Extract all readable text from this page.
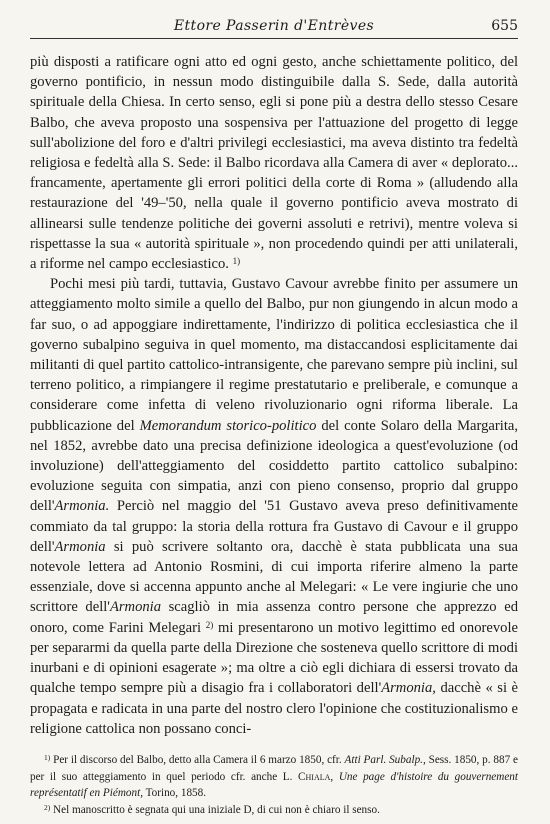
Ettore Passerin d'Entrèves	655

più disposti a ratificare ogni atto ed ogni gesto, anche schiettamente politico, del governo pontificio, in nessun modo distinguibile dalla S. Sede, dalla autorità spirituale della Chiesa. In certo senso, egli si pone più a destra dello stesso Cesare Balbo, che aveva proposto una sospensiva per l'attuazione del progetto di legge sull'abolizione del foro e d'altri privilegi ecclesiastici, ma aveva distinto tra fedeltà religiosa e fedeltà alla S. Sede: il Balbo ricordava alla Camera di aver « deplorato... francamente, apertamente gli errori politici della corte di Roma » (alludendo alla restaurazione del '49–'50, nella quale il governo pontificio aveva mostrato di allinearsi sulle tendenze politiche dei governi assoluti e retrivi), mentre voleva si rispettasse la sua « autorità spirituale », non procedendo quindi per atti unilaterali, a riforme nel campo ecclesiastico. $^{1)}$

Pochi mesi più tardi, tuttavia, Gustavo Cavour avrebbe finito per assumere un atteggiamento molto simile a quello del Balbo, pur non giungendo in alcun modo a far suo, o ad appoggiare indirettamente, l'indirizzo di politica ecclesiastica che il governo subalpino seguiva in quel momento, ma distaccandosi esplicitamente dai militanti di quel partito cattolico-intransigente, che parevano sempre più inclini, sul terreno politico, a rimpiangere il regime prestatutario e preliberale, e comunque a considerare come infetta di veleno rivoluzionario ogni riforma liberale. La pubblicazione del Memorandum storico-politico del conte Solaro della Margarita, nel 1852, avrebbe dato una precisa definizione ideologica a quest'evoluzione (od involuzione) dell'atteggiamento del cosiddetto partito cattolico subalpino: evoluzione seguita con simpatia, anzi con pieno consenso, proprio dal gruppo dell'Armonia. Perciò nel maggio del '51 Gustavo aveva preso definitivamente commiato da tal gruppo: la storia della rottura fra Gustavo di Cavour e il gruppo dell'Armonia si può scrivere soltanto ora, dacchè è stata pubblicata una sua notevole lettera ad Antonio Rosmini, di cui importa riferire almeno la parte essenziale, dove si accenna appunto anche al Melegari: « Le vere ingiurie che uno scrittore dell'Armonia scagliò in mia assenza contro persone che apprezzo ed onoro, come Farini Melegari $^{2)}$ mi presentarono un motivo legittimo ed onorevole per separarmi da quella parte della Direzione che sosteneva quello scrittore di modi inurbani e di opinioni esagerate »; ma oltre a ciò egli dichiara di essersi trovato da qualche tempo sempre più a disagio fra i collaboratori dell'Armonia, dacchè « si è propagata e radicata in una parte del nostro clero l'opinione che costituzionalismo e religione cattolica non possano conci-

$^{1)}$ Per il discorso del Balbo, detto alla Camera il 6 marzo 1850, cfr. Atti Parl. Subalp., Sess. 1850, p. 887 e per il suo atteggiamento in quel periodo cfr. anche L. Chiala, Une page d'histoire du gouvernement représentatif en Piémont, Torino, 1858.

$^{2)}$ Nel manoscritto è segnata qui una iniziale D, di cui non è chiaro il senso.
